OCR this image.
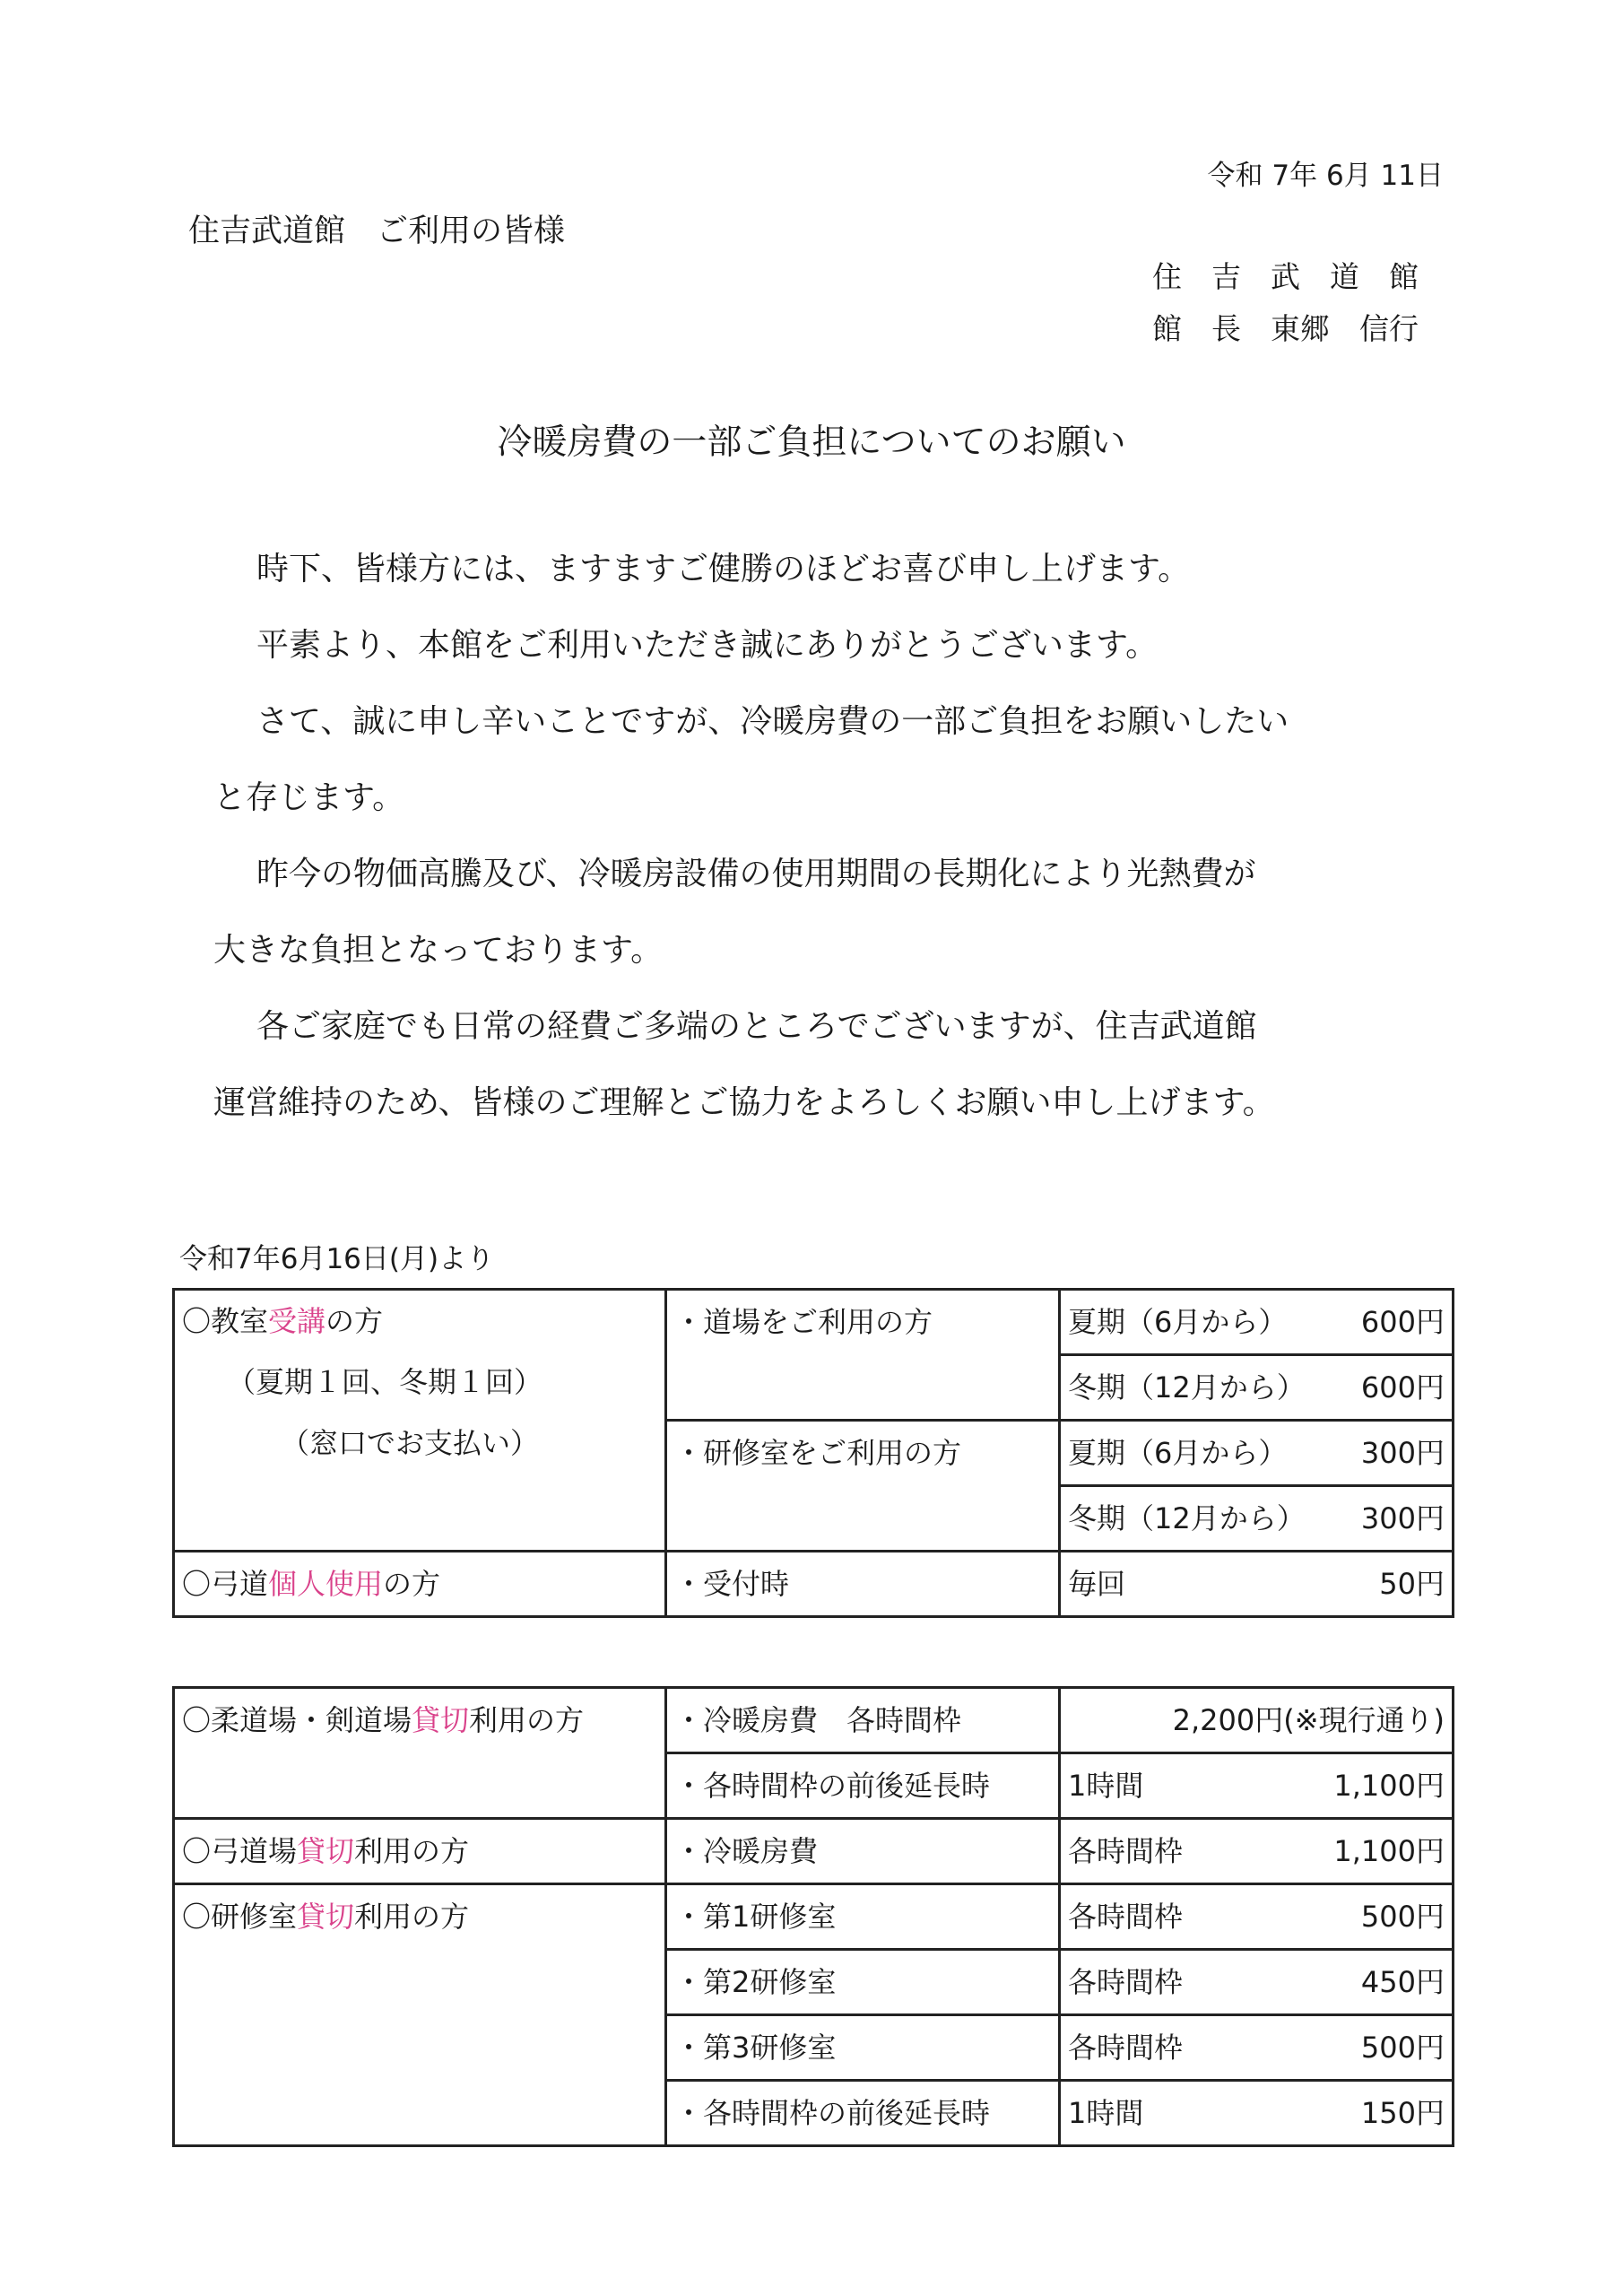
令和 7年 6月 11日
住吉武道館　ご利用の皆様
住　吉　武　道　館
館　長　東郷　信行
冷暖房費の一部ご負担についてのお願い

時下、皆様方には、ますますご健勝のほどお喜び申し上げます。

平素より、本館をご利用いただき誠にありがとうございます。

さて、誠に申し辛いことですが、冷暖房費の一部ご負担をお願いしたい

と存じます。

昨今の物価高騰及び、冷暖房設備の使用期間の長期化により光熱費が

大きな負担となっております。

各ご家庭でも日常の経費ご多端のところでございますが、住吉武道館

運営維持のため、皆様のご理解とご協力をよろしくお願い申し上げます。

令和7年6月16日(月)より
〇教室受講の方
（夏期１回、冬期１回）
（窓口でお支払い）	・道場をご利用の方	夏期（6月から） 600円

		冬期（12月から） 600円

	・研修室をご利用の方	夏期（6月から） 300円

		冬期（12月から） 300円

〇弓道個人使用の方	・受付時	毎回 50円
〇柔道場・剣道場貸切利用の方	・冷暖房費　各時間枠	2,200円(※現行通り)

	・各時間枠の前後延長時	1時間 1,100円

〇弓道場貸切利用の方	・冷暖房費	各時間枠 1,100円

〇研修室貸切利用の方	・第1研修室	各時間枠 500円

	・第2研修室	各時間枠 450円

	・第3研修室	各時間枠 500円

	・各時間枠の前後延長時	1時間 150円
